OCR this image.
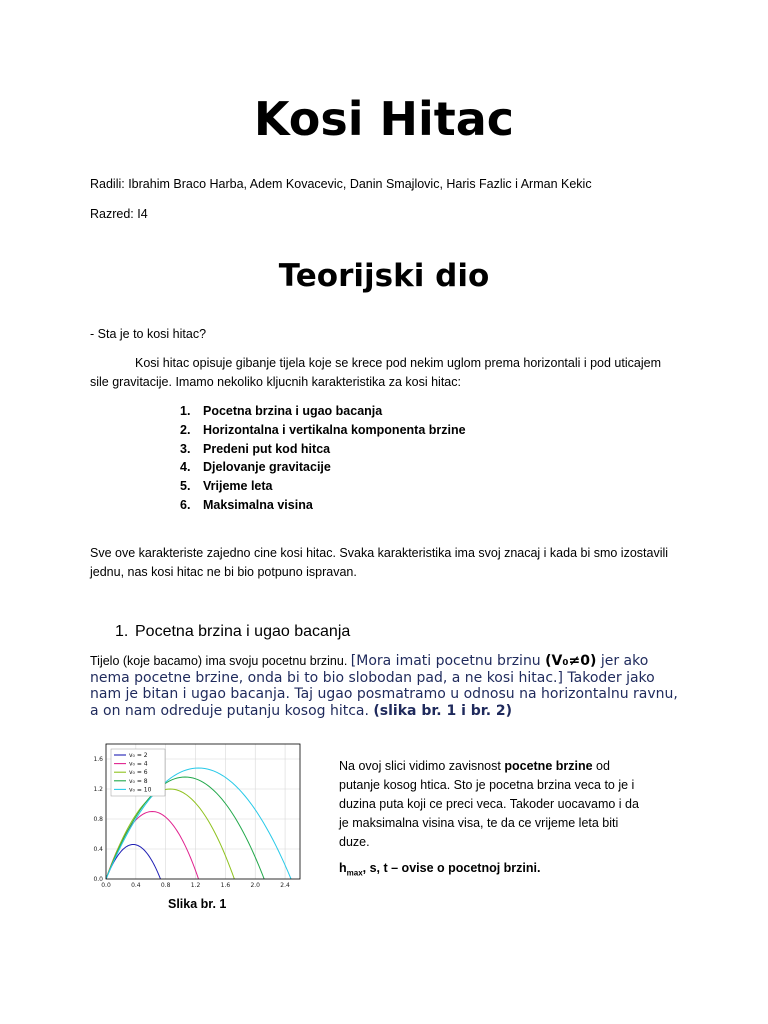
Kosi Hitac
Radili: Ibrahim Braco Harba, Adem Kovacevic, Danin Smajlovic, Haris Fazlic i Arman Kekic
Razred: I4
Teorijski dio
- Sta je to kosi hitac?
Kosi hitac opisuje gibanje tijela koje se krece pod nekim uglom prema horizontali i pod uticajem sile gravitacije. Imamo nekoliko kljucnih karakteristika za kosi hitac:
1. Pocetna brzina i ugao bacanja
2. Horizontalna i vertikalna komponenta brzine
3. Predeni put kod hitca
4. Djelovanje gravitacije
5. Vrijeme leta
6. Maksimalna visina
Sve ove karakteriste zajedno cine kosi hitac. Svaka karakteristika ima svoj znacaj i kada bi smo izostavili jednu, nas kosi hitac ne bi bio potpuno ispravan.
1. Pocetna brzina i ugao bacanja
Tijelo (koje bacamo) ima svoju pocetnu brzinu. [Mora imati pocetnu brzinu (V₀≠0) jer ako nema pocetne brzine, onda bi to bio slobodan pad, a ne kosi hitac.] Takoder jako nam je bitan i ugao bacanja. Taj ugao posmatramo u odnosu na horizontalnu ravnu, a on nam odreduje putanju kosog hitca. (slika br. 1 i br. 2)
0.0	0.4	0.8	1.2	1.6	2.0	2.4
0.0
0.4
0.8
1.2
1.6
v₀ = 2
v₀ = 4
v₀ = 6
v₀ = 8
v₀ = 10
Slika br. 1
Na ovoj slici vidimo zavisnost pocetne brzine od putanje kosog htica. Sto je pocetna brzina veca to je i duzina puta koji ce preci veca. Takoder uocavamo i da je maksimalna visina visa, te da ce vrijeme leta biti duze.
$h_{max}$, s, t – ovise o pocetnoj brzini.
